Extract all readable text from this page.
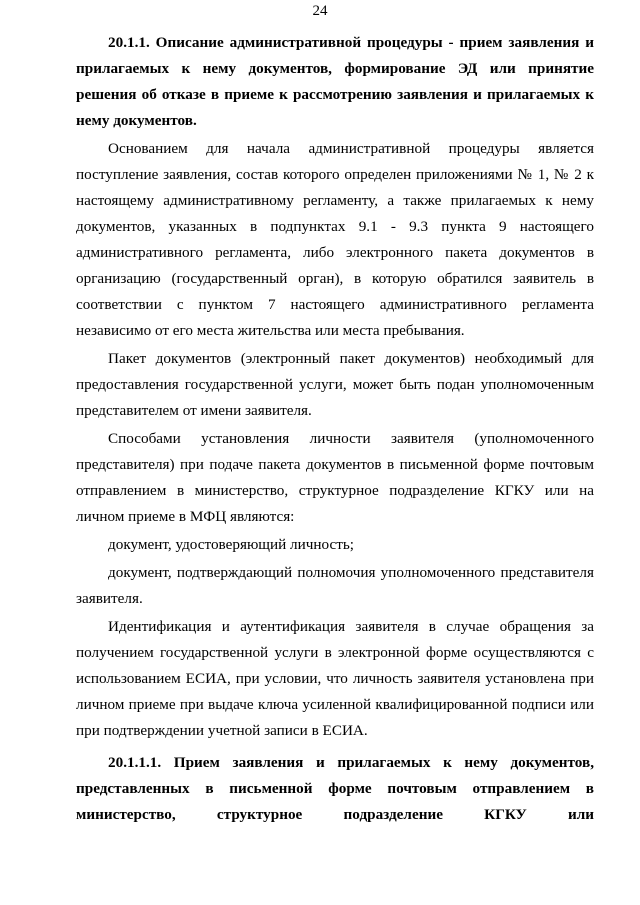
24

20.1.1. Описание административной процедуры - прием заявления и прилагаемых к нему документов, формирование ЭД или принятие решения об отказе в приеме к рассмотрению заявления и прилагаемых к нему документов.

Основанием для начала административной процедуры является поступление заявления, состав которого определен приложениями № 1, № 2 к настоящему административному регламенту, а также прилагаемых к нему документов, указанных в подпунктах 9.1 - 9.3 пункта 9 настоящего административного регламента, либо электронного пакета документов в организацию (государственный орган), в которую обратился заявитель в соответствии с пунктом 7 настоящего административного регламента независимо от его места жительства или места пребывания.

Пакет документов (электронный пакет документов) необходимый для предоставления государственной услуги, может быть подан уполномоченным представителем от имени заявителя.

Способами установления личности заявителя (уполномоченного представителя) при подаче пакета документов в письменной форме почтовым отправлением в министерство, структурное подразделение КГКУ или на личном приеме в МФЦ являются:

документ, удостоверяющий личность;

документ, подтверждающий полномочия уполномоченного представителя заявителя.

Идентификация и аутентификация заявителя в случае обращения за получением государственной услуги в электронной форме осуществляются с использованием ЕСИА, при условии, что личность заявителя установлена при личном приеме при выдаче ключа усиленной квалифицированной подписи или при подтверждении учетной записи в ЕСИА.

20.1.1.1. Прием заявления и прилагаемых к нему документов, представленных в письменной форме почтовым отправлением в министерство, структурное подразделение КГКУ или
